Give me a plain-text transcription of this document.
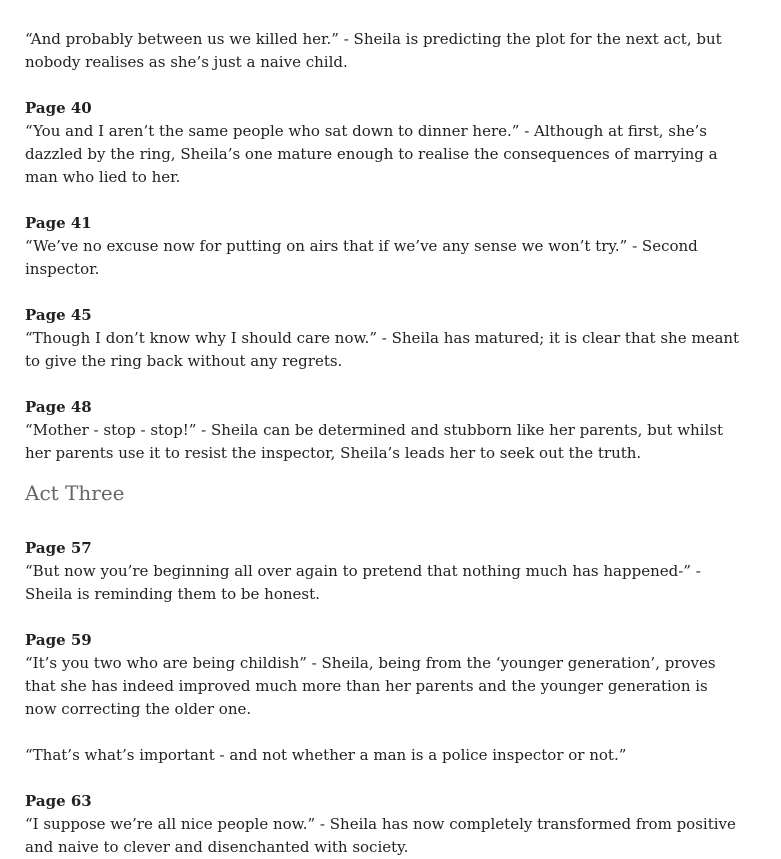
“And probably between us we killed her.” - Sheila is predicting the plot for the next act, but nobody realises as she’s just a naive child.

Page 40
“You and I aren’t the same people who sat down to dinner here.” - Although at first, she’s dazzled by the ring, Sheila’s one mature enough to realise the consequences of marrying a man who lied to her.

Page 41
“We’ve no excuse now for putting on airs that if we’ve any sense we won’t try.” - Second inspector.

Page 45
“Though I don’t know why I should care now.” - Sheila has matured; it is clear that she meant to give the ring back without any regrets.

Page 48
“Mother - stop - stop!” - Sheila can be determined and stubborn like her parents, but whilst her parents use it to resist the inspector, Sheila’s leads her to seek out the truth.

Act Three

Page 57
“But now you’re beginning all over again to pretend that nothing much has happened-” - Sheila is reminding them to be honest.

Page 59
“It’s you two who are being childish” - Sheila, being from the ‘younger generation’, proves that she has indeed improved much more than her parents and the younger generation is now correcting the older one.

“That’s what’s important - and not whether a man is a police inspector or not.”

Page 63
“I suppose we’re all nice people now.” - Sheila has now completely transformed from positive and naive to clever and disenchanted with society.
